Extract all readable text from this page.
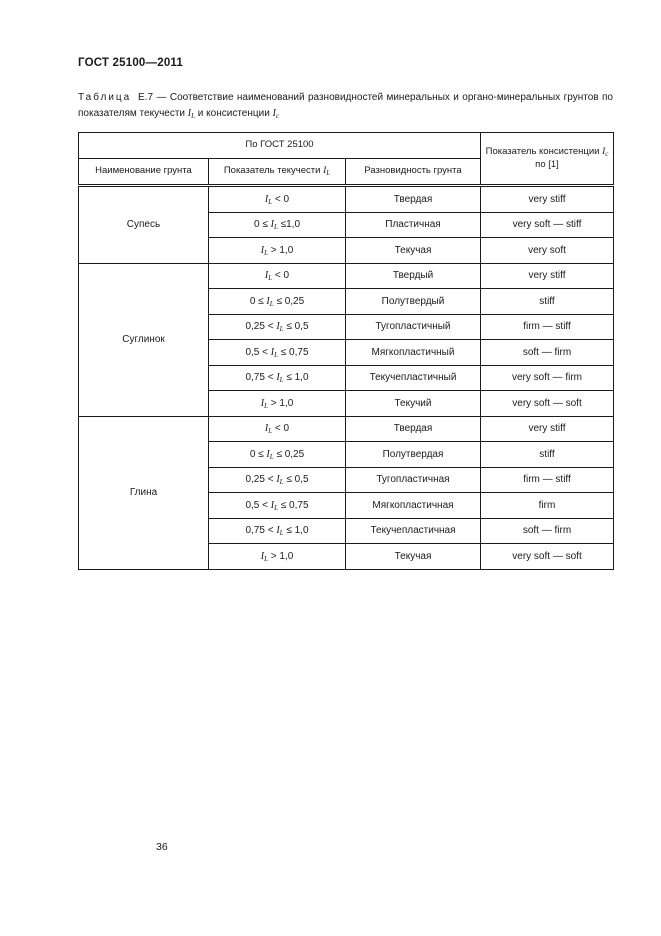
ГОСТ 25100—2011

Таблица Е.7 — Соответствие наименований разновидностей минеральных и органо-минеральных грунтов по показателям текучести $I_L$ и консистенции $I_c$

По ГОСТ 25100			Показатель консистенции $I_c$
по [1]
Наименование грунта	Показатель текучести $I_L$	Разновидность грунта	
Супесь	$I_L < 0$	Твердая	very stiff
	$0 \le I_L \le 1,0$	Пластичная	very soft — stiff
	$I_L > 1,0$	Текучая	very soft
Суглинок	$I_L < 0$	Твердый	very stiff
	$0 \le I_L \le 0,25$	Полутвердый	stiff
	$0,25 < I_L \le 0,5$	Тугопластичный	firm — stiff
	$0,5 < I_L \le 0,75$	Мягкопластичный	soft — firm
	$0,75 < I_L \le 1,0$	Текучепластичный	very soft — firm
	$I_L > 1,0$	Текучий	very soft — soft
Глина	$I_L < 0$	Твердая	very stiff
	$0 \le I_L \le 0,25$	Полутвердая	stiff
	$0,25 < I_L \le 0,5$	Тугопластичная	firm — stiff
	$0,5 < I_L \le 0,75$	Мягкопластичная	firm
	$0,75 < I_L \le 1,0$	Текучепластичная	soft — firm
	$I_L > 1,0$	Текучая	very soft — soft
36
